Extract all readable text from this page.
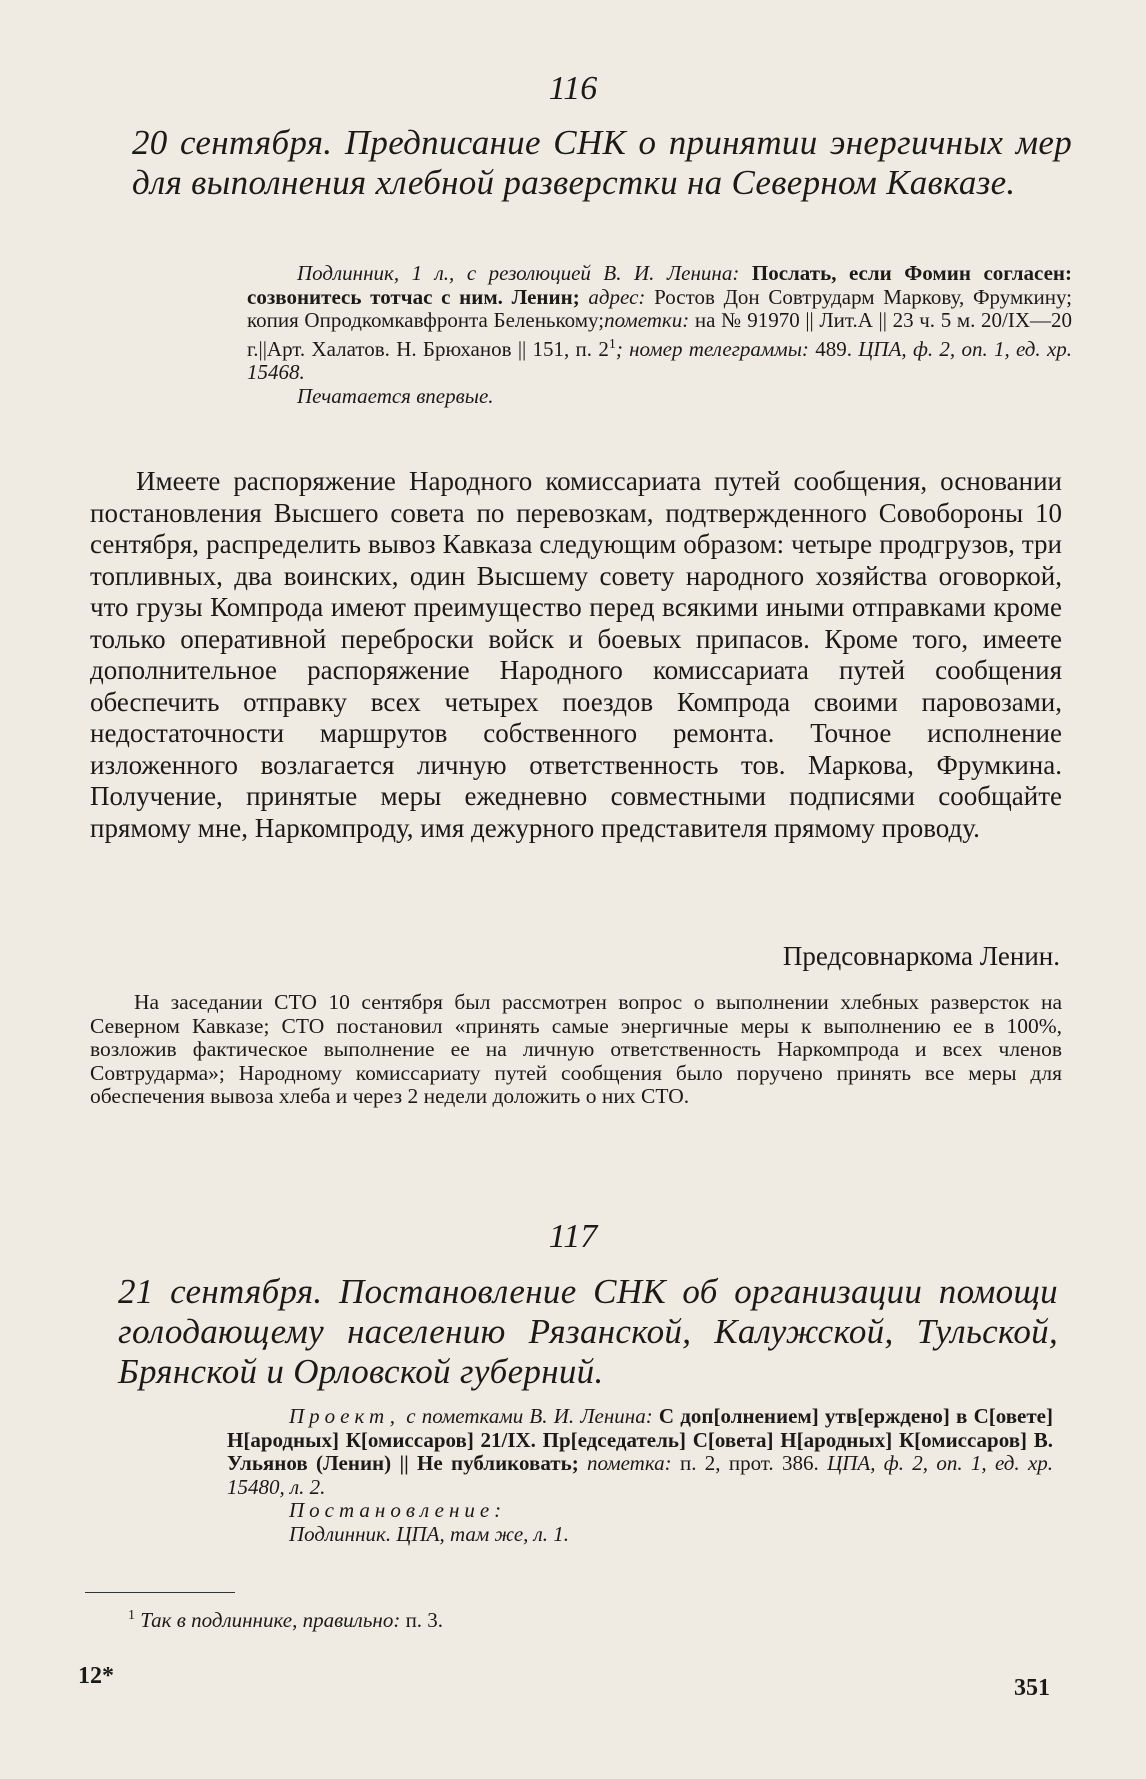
116
20 сентября. Предписание СНК о принятии энергичных мер для выполнения хлебной разверстки на Северном Кавказе.
Подлинник, 1 л., с резолюцией В. И. Ленина: Послать, если Фомин согласен: созвонитесь тотчас с ним. Ленин; адрес: Ростов Дон Совтрударм Маркову, Фрумкину; копия Опродкомкавфронта Беленькому;пометки: на № 91970 || Лит.А || 23 ч. 5 м. 20/IX—20 г.||Арт. Халатов. Н. Брюханов || 151, п. $2^1$; номер телеграммы: 489. ЦПА, ф. 2, оп. 1, ед. хр. 15468.
Печатается впервые.
Имеете распоряжение Народного комиссариата путей сообщения, основании постановления Высшего совета по перевозкам, подтвержденного Совобороны 10 сентября, распределить вывоз Кавказа следующим образом: четыре продгрузов, три топливных, два воинских, один Высшему совету народного хозяйства оговоркой, что грузы Компрода имеют преимущество перед всякими иными отправками кроме только оперативной переброски войск и боевых припасов. Кроме того, имеете дополнительное распоряжение Народного комиссариата путей сообщения обеспечить отправку всех четырех поездов Компрода своими паровозами, недостаточности маршрутов собственного ремонта. Точное исполнение изложенного возлагается личную ответственность тов. Маркова, Фрумкина. Получение, принятые меры ежедневно совместными подписями сообщайте прямому мне, Наркомпроду, имя дежурного представителя прямому проводу.
Предсовнаркома Ленин.
На заседании СТО 10 сентября был рассмотрен вопрос о выполнении хлебных разверсток на Северном Кавказе; СТО постановил «принять самые энергичные меры к выполнению ее в 100%, возложив фактическое выполнение ее на личную ответственность Наркомпрода и всех членов Совтрударма»; Народному комиссариату путей сообщения было поручено принять все меры для обеспечения вывоза хлеба и через 2 недели доложить о них СТО.
117
21 сентября. Постановление СНК об организации помощи голодающему населению Рязанской, Калужской, Тульской, Брянской и Орловской губерний.
Проект, с пометками В. И. Ленина: С доп[олнением] утв[ерждено] в С[овете] Н[ародных] К[омиссаров] 21/IX. Пр[едседатель] С[овета] Н[ародных] К[омиссаров] В. Ульянов (Ленин) || Не публиковать; пометка: п. 2, прот. 386. ЦПА, ф. 2, оп. 1, ед. хр. 15480, л. 2.
Постановление:
Подлинник. ЦПА, там же, л. 1.
$^1$ Так в подлиннике, правильно: п. 3.
12*	351
